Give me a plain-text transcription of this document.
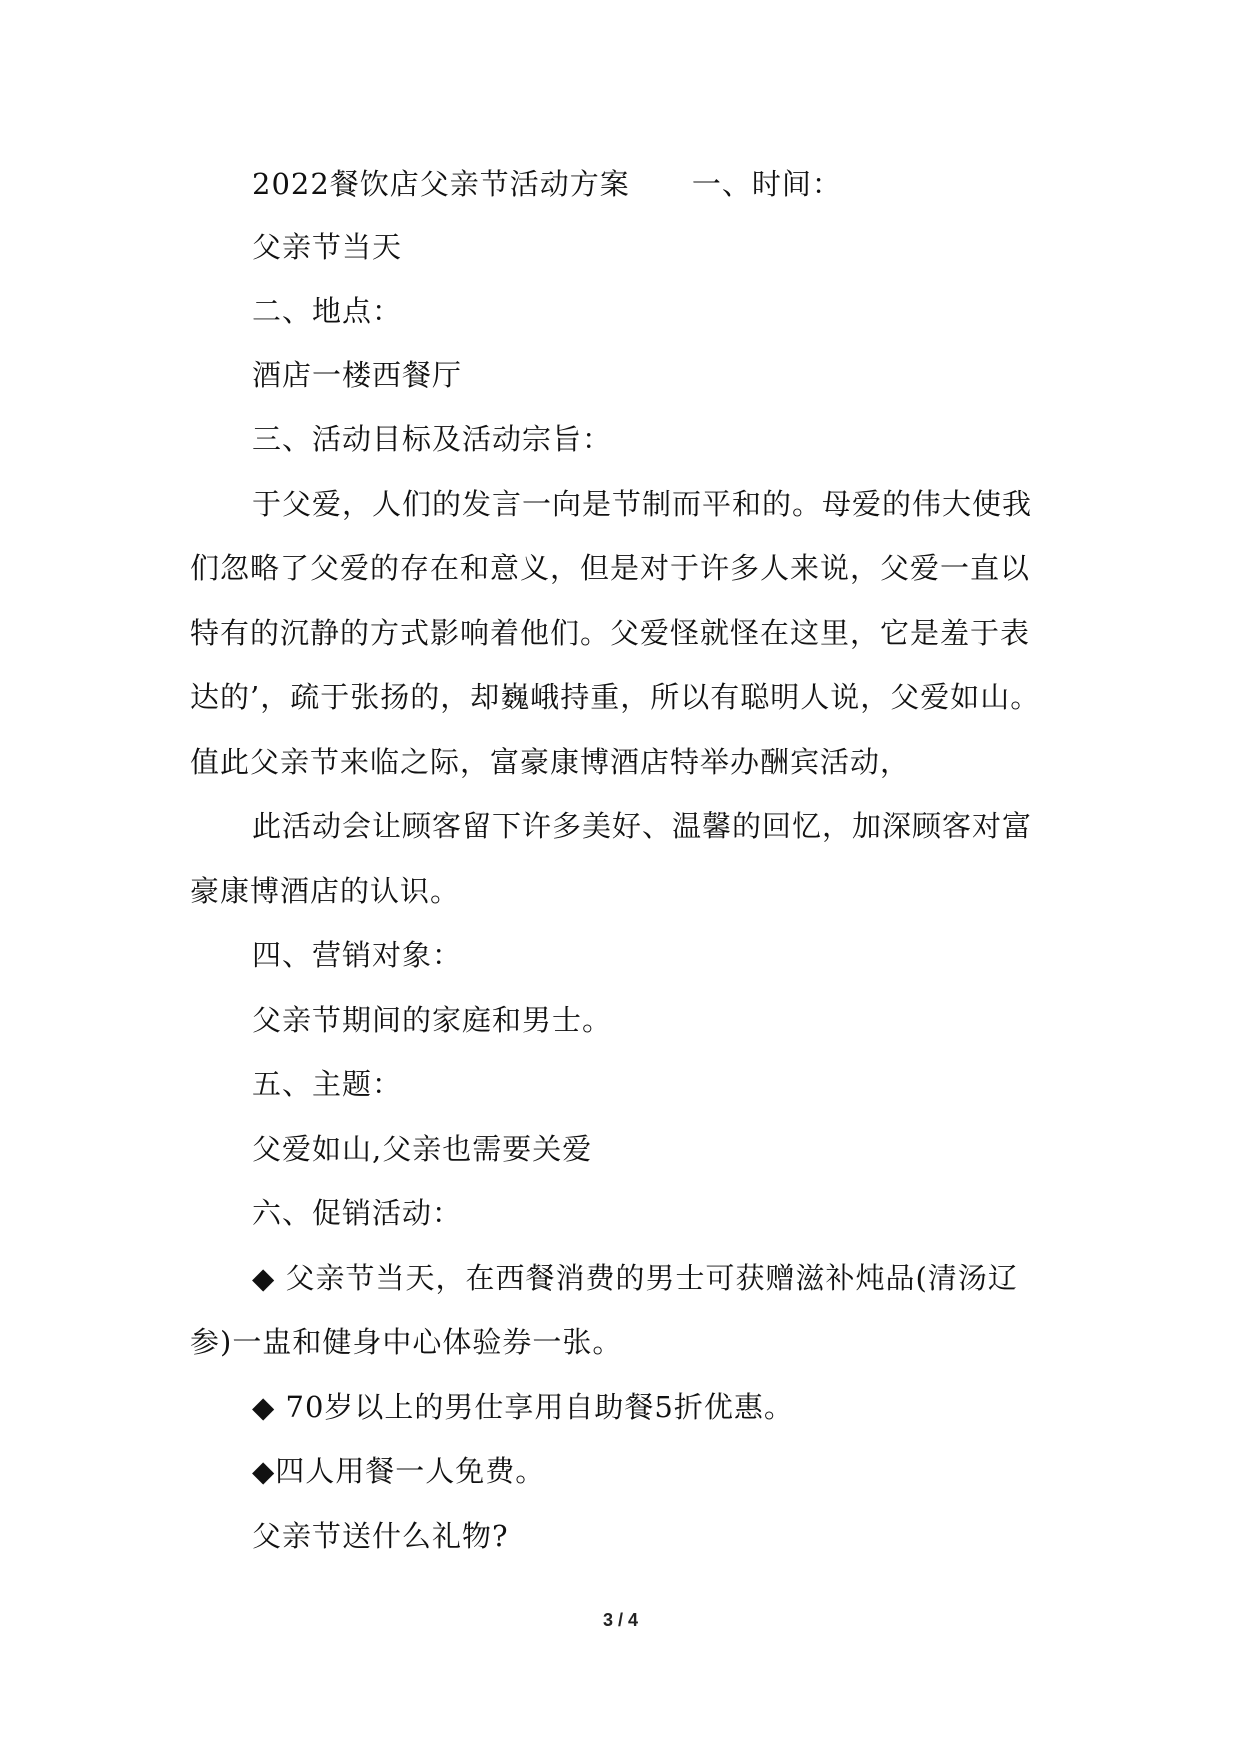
2022餐饮店父亲节活动方案 一、时间：
父亲节当天
二、地点：
酒店一楼西餐厅
三、活动目标及活动宗旨：
于父爱，人们的发言一向是节制而平和的。母爱的伟大使我
们忽略了父爱的存在和意义，但是对于许多人来说，父爱一直以
特有的沉静的方式影响着他们。父爱怪就怪在这里，它是羞于表
达的’，疏于张扬的，却巍峨持重，所以有聪明人说，父爱如山。
值此父亲节来临之际，富豪康博酒店特举办酬宾活动，
此活动会让顾客留下许多美好、温馨的回忆，加深顾客对富
豪康博酒店的认识。
四、营销对象：
父亲节期间的家庭和男士。
五、主题：
父爱如山,父亲也需要关爱
六、促销活动：
◆ 父亲节当天，在西餐消费的男士可获赠滋补炖品(清汤辽
参)一盅和健身中心体验券一张。
◆ 70岁以上的男仕享用自助餐5折优惠。
◆四人用餐一人免费。
父亲节送什么礼物?
3 / 4
